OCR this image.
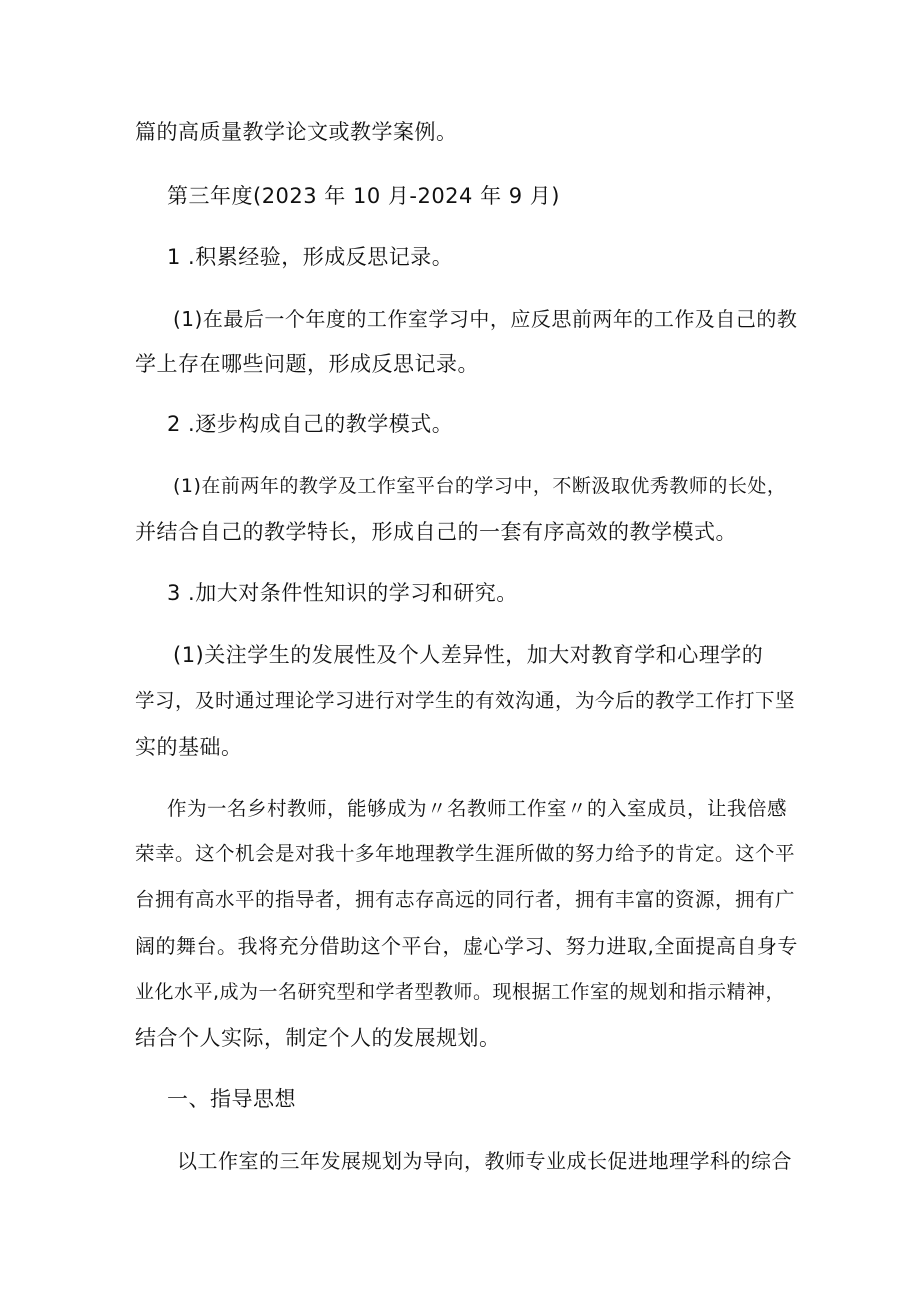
篇的高质量教学论文或教学案例。
第三年度(2023 年 10 月-2024 年 9 月)
1 .积累经验，形成反思记录。
(1)在最后一个年度的工作室学习中，应反思前两年的工作及自己的教
学上存在哪些问题，形成反思记录。
2 .逐步构成自己的教学模式。
(1)在前两年的教学及工作室平台的学习中，不断汲取优秀教师的长处，
并结合自己的教学特长，形成自己的一套有序高效的教学模式。
3 .加大对条件性知识的学习和研究。
(1)关注学生的发展性及个人差异性，加大对教育学和心理学的
学习，及时通过理论学习进行对学生的有效沟通，为今后的教学工作打下坚
实的基础。
作为一名乡村教师，能够成为〃名教师工作室〃的入室成员，让我倍感
荣幸。这个机会是对我十多年地理教学生涯所做的努力给予的肯定。这个平
台拥有高水平的指导者，拥有志存高远的同行者，拥有丰富的资源，拥有广
阔的舞台。我将充分借助这个平台，虚心学习、努力进取,全面提高自身专
业化水平,成为一名研究型和学者型教师。现根据工作室的规划和指示精神，
结合个人实际，制定个人的发展规划。
一、指导思想
以工作室的三年发展规划为导向，教师专业成长促进地理学科的综合
